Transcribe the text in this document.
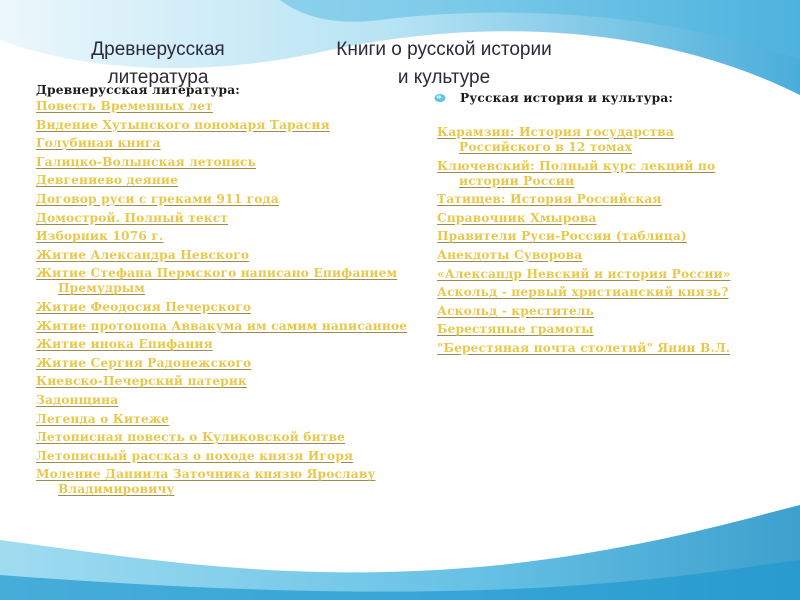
Древнерусская литература
Книги о русской истории и культуре

Древнерусская литература:

Русская история и культура:

Повесть Временных лет
Видение Хутынского пономаря Тарасия
Голубиная книга
Галицко-Волынская летопись
Девгениево деяние
Договор руси с греками 911 года
Домострой. Полный текст
Изборник 1076 г.
Житие Александра Невского
Житие Стефана Пермского написано Епифанием Премудрым
Житие Феодосия Печерского
Житие протопопа Аввакума им самим написанное
Житие инока Епифания
Житие Сергия Радонежского
Киевско-Печерский патерик
Задонщина
Легенда о Китеже
Летописная повесть о Куликовской битве
Летописный рассказ о походе князя Игоря
Моление Даниила Заточника князю Ярославу Владимировичу
Карамзин: История государства Российского в 12 томах
Ключевский: Полный курс лекций по истории России
Татищев: История Российская
Справочник Хмырова
Правители Руси-России (таблица)
Анекдоты Суворова
«Александр Невский и история России»
Аскольд - первый христианский князь?
Аскольд - креститель
Берестяные грамоты
"Берестяная почта столетий" Янин В.Л.
